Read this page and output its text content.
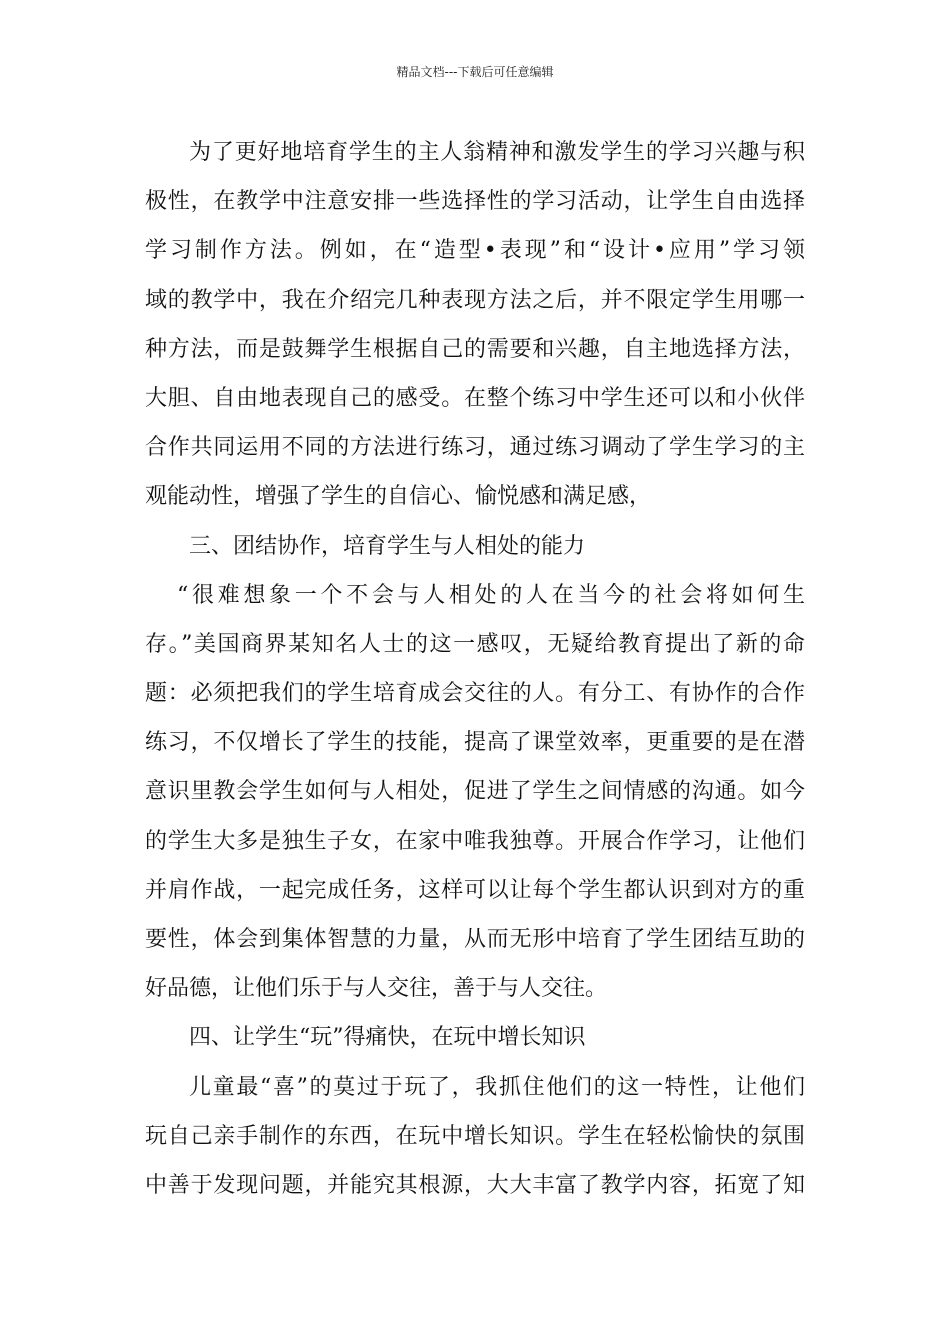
精品文档---下载后可任意编辑
为了更好地培育学生的主人翁精神和激发学生的学习兴趣与积
极性，在教学中注意安排一些选择性的学习活动，让学生自由选择
学习制作方法。例如，在“造型•表现”和“设计•应用”学习领
域的教学中，我在介绍完几种表现方法之后，并不限定学生用哪一
种方法，而是鼓舞学生根据自己的需要和兴趣，自主地选择方法，
大胆、自由地表现自己的感受。在整个练习中学生还可以和小伙伴
合作共同运用不同的方法进行练习，通过练习调动了学生学习的主
观能动性，增强了学生的自信心、愉悦感和满足感，
三、团结协作，培育学生与人相处的能力
“很难想象一个不会与人相处的人在当今的社会将如何生
存。”美国商界某知名人士的这一感叹，无疑给教育提出了新的命
题：必须把我们的学生培育成会交往的人。有分工、有协作的合作
练习，不仅增长了学生的技能，提高了课堂效率，更重要的是在潜
意识里教会学生如何与人相处，促进了学生之间情感的沟通。如今
的学生大多是独生子女，在家中唯我独尊。开展合作学习，让他们
并肩作战，一起完成任务，这样可以让每个学生都认识到对方的重
要性，体会到集体智慧的力量，从而无形中培育了学生团结互助的
好品德，让他们乐于与人交往，善于与人交往。
四、让学生“玩”得痛快，在玩中增长知识
儿童最“喜”的莫过于玩了，我抓住他们的这一特性，让他们
玩自己亲手制作的东西，在玩中增长知识。学生在轻松愉快的氛围
中善于发现问题，并能究其根源，大大丰富了教学内容，拓宽了知
